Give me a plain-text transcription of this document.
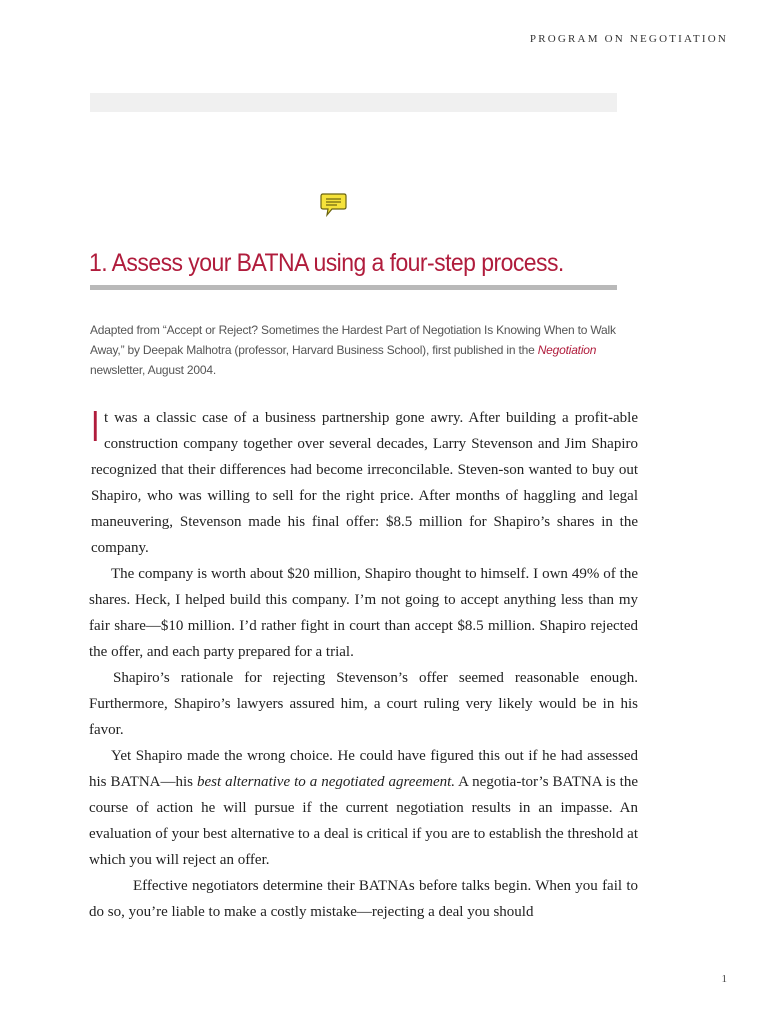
PROGRAM ON NEGOTIATION
1. Assess your BATNA using a four-step process.

Adapted from “Accept or Reject? Sometimes the Hardest Part of Negotiation Is Knowing When to Walk Away,” by Deepak Malhotra (professor, Harvard Business School), first published in the Negotiation newsletter, August 2004.

It was a classic case of a business partnership gone awry. After building a profit-able construction company together over several decades, Larry Stevenson and Jim Shapiro recognized that their differences had become irreconcilable. Steven-son wanted to buy out Shapiro, who was willing to sell for the right price. After months of haggling and legal maneuvering, Stevenson made his final offer: $8.5 million for Shapiro’s shares in the company.

The company is worth about $20 million, Shapiro thought to himself. I own 49% of the shares. Heck, I helped build this company. I’m not going to accept anything less than my fair share—$10 million. I’d rather fight in court than accept $8.5 million. Shapiro rejected the offer, and each party prepared for a trial.

Shapiro’s rationale for rejecting Stevenson’s offer seemed reasonable enough. Furthermore, Shapiro’s lawyers assured him, a court ruling very likely would be in his favor.

Yet Shapiro made the wrong choice. He could have figured this out if he had assessed his BATNA—his best alternative to a negotiated agreement. A negotia-tor’s BATNA is the course of action he will pursue if the current negotiation results in an impasse. An evaluation of your best alternative to a deal is critical if you are to establish the threshold at which you will reject an offer.

Effective negotiators determine their BATNAs before talks begin. When you fail to do so, you’re liable to make a costly mistake—rejecting a deal you should

1
